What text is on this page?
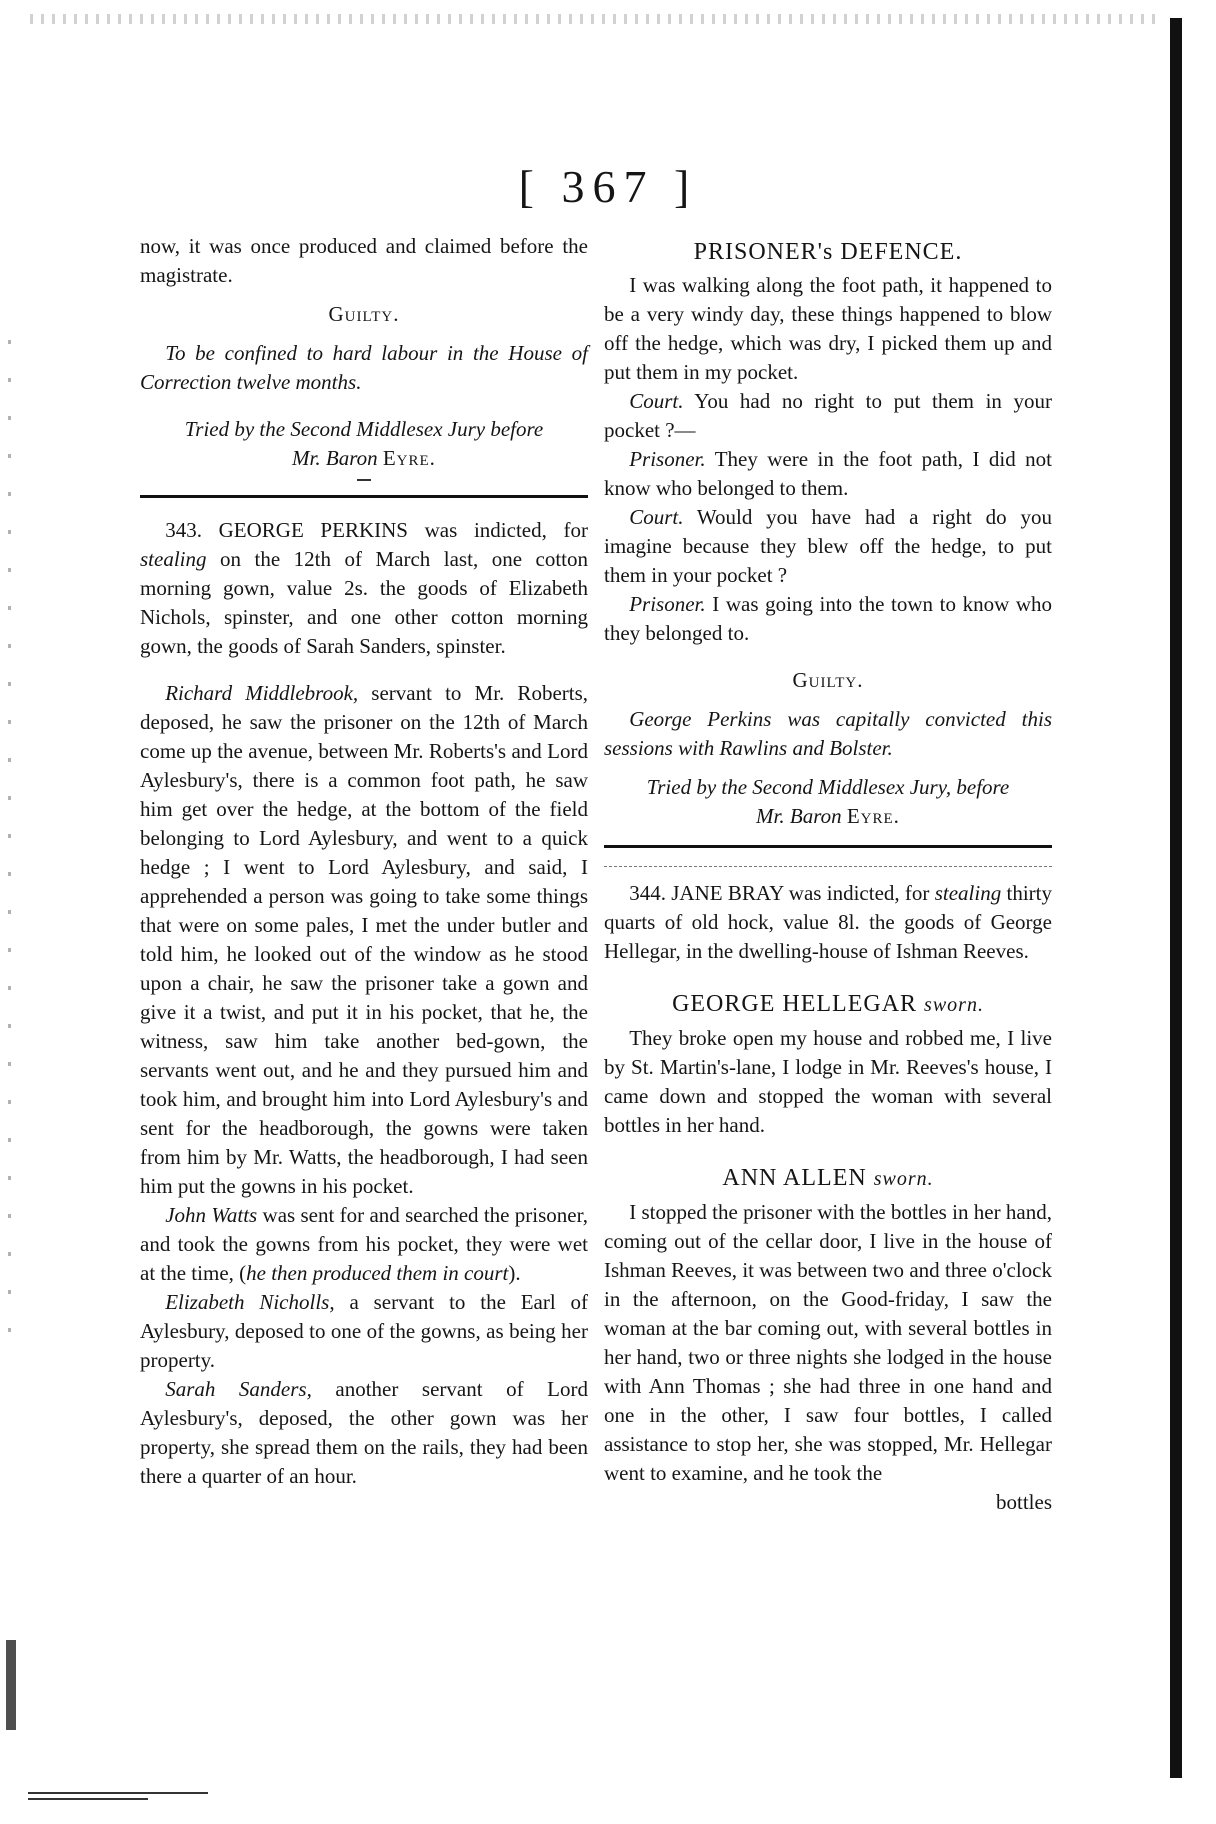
[ 367 ]

now, it was once produced and claimed before the magistrate.

Guilty.

To be confined to hard labour in the House of Correction twelve months.

Tried by the Second Middlesex Jury before

Mr. Baron Eyre.

343. GEORGE PERKINS was indicted, for stealing on the 12th of March last, one cotton morning gown, value 2s. the goods of Elizabeth Nichols, spinster, and one other cotton morning gown, the goods of Sarah Sanders, spinster.

Richard Middlebrook, servant to Mr. Roberts, deposed, he saw the prisoner on the 12th of March come up the avenue, between Mr. Roberts's and Lord Aylesbury's, there is a common foot path, he saw him get over the hedge, at the bottom of the field belonging to Lord Aylesbury, and went to a quick hedge ; I went to Lord Aylesbury, and said, I apprehended a person was going to take some things that were on some pales, I met the under butler and told him, he looked out of the window as he stood upon a chair, he saw the prisoner take a gown and give it a twist, and put it in his pocket, that he, the witness, saw him take another bed-gown, the servants went out, and he and they pursued him and took him, and brought him into Lord Aylesbury's and sent for the headborough, the gowns were taken from him by Mr. Watts, the headborough, I had seen him put the gowns in his pocket.

John Watts was sent for and searched the prisoner, and took the gowns from his pocket, they were wet at the time, (he then produced them in court).

Elizabeth Nicholls, a servant to the Earl of Aylesbury, deposed to one of the gowns, as being her property.

Sarah Sanders, another servant of Lord Aylesbury's, deposed, the other gown was her property, she spread them on the rails, they had been there a quarter of an hour.

PRISONER's DEFENCE.

I was walking along the foot path, it happened to be a very windy day, these things happened to blow off the hedge, which was dry, I picked them up and put them in my pocket.

Court. You had no right to put them in your pocket ?—

Prisoner. They were in the foot path, I did not know who belonged to them.

Court. Would you have had a right do you imagine because they blew off the hedge, to put them in your pocket ?

Prisoner. I was going into the town to know who they belonged to.

Guilty.

George Perkins was capitally convicted this sessions with Rawlins and Bolster.

Tried by the Second Middlesex Jury, before

Mr. Baron Eyre.

344. JANE BRAY was indicted, for stealing thirty quarts of old hock, value 8l. the goods of George Hellegar, in the dwelling-house of Ishman Reeves.

GEORGE HELLEGAR sworn.

They broke open my house and robbed me, I live by St. Martin's-lane, I lodge in Mr. Reeves's house, I came down and stopped the woman with several bottles in her hand.

ANN ALLEN sworn.

I stopped the prisoner with the bottles in her hand, coming out of the cellar door, I live in the house of Ishman Reeves, it was between two and three o'clock in the afternoon, on the Good-friday, I saw the woman at the bar coming out, with several bottles in her hand, two or three nights she lodged in the house with Ann Thomas ; she had three in one hand and one in the other, I saw four bottles, I called assistance to stop her, she was stopped, Mr. Hellegar went to examine, and he took the

bottles
